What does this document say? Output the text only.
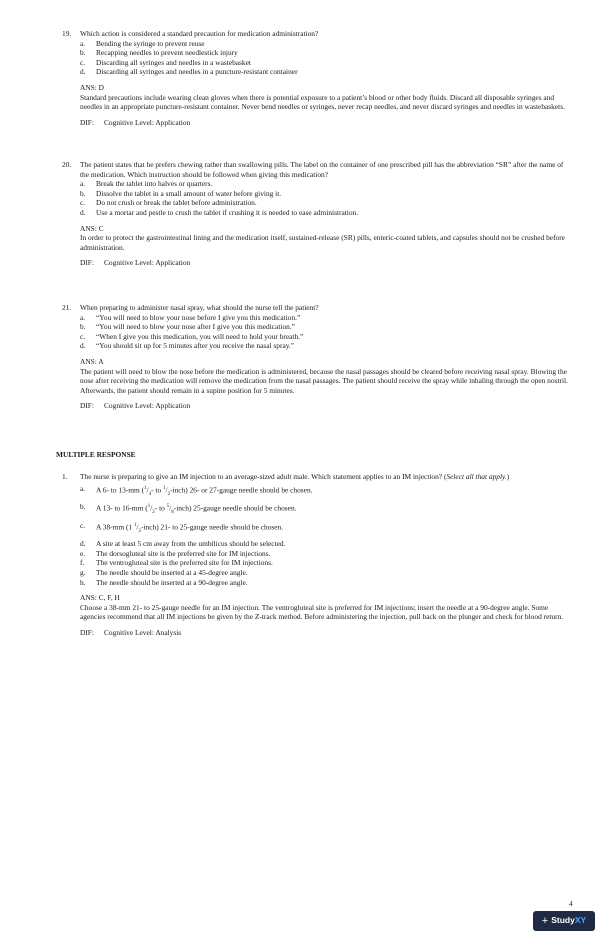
19. Which action is considered a standard precaution for medication administration?
a. Bending the syringe to prevent reuse
b. Recapping needles to prevent needlestick injury
c. Discarding all syringes and needles in a wastebasket
d. Discarding all syringes and needles in a puncture-resistant container
ANS: D
Standard precautions include wearing clean gloves when there is potential exposure to a patient’s blood or other body fluids. Discard all disposable syringes and needles in an appropriate puncture-resistant container. Never bend needles or syringes, never recap needles, and never discard syringes and needles in wastebaskets.
DIF: Cognitive Level: Application
20. The patient states that he prefers chewing rather than swallowing pills. The label on the container of one prescribed pill has the abbreviation “SR” after the name of the medication. Which instruction should be followed when giving this medication?
a. Break the tablet into halves or quarters.
b. Dissolve the tablet in a small amount of water before giving it.
c. Do not crush or break the tablet before administration.
d. Use a mortar and pestle to crush the tablet if crushing it is needed to ease administration.
ANS: C
In order to protect the gastrointestinal lining and the medication itself, sustained-release (SR) pills, enteric-coated tablets, and capsules should not be crushed before administration.
DIF: Cognitive Level: Application
21. When preparing to administer nasal spray, what should the nurse tell the patient?
a. “You will need to blow your nose before I give you this medication.”
b. “You will need to blow your nose after I give you this medication.”
c. “When I give you this medication, you will need to hold your breath.”
d. “You should sit up for 5 minutes after you receive the nasal spray.”
ANS: A
The patient will need to blow the nose before the medication is administered, because the nasal passages should be cleared before receiving nasal spray. Blowing the nose after receiving the medication will remove the medication from the nasal passages. The patient should receive the spray while inhaling through the open nostril. Afterwards, the patient should remain in a supine position for 5 minutes.
DIF: Cognitive Level: Application
MULTIPLE RESPONSE
1. The nurse is preparing to give an IM injection to an average-sized adult male. Which statement applies to an IM injection? (Select all that apply.)
a. A 6- to 13-mm ($^1/_4-$ to $^1/_2-inch$) 26- or 27-gauge needle should be chosen.
b. A 13- to 16-mm ($^1/_2-$ to $^5/_8-inch$) 25-gauge needle should be chosen.
c. A 38-mm (1 $^1/_2-inch$) 21- to 25-gauge needle should be chosen.
d. A site at least 5 cm away from the umbilicus should be selected.
e. The dorsogluteal site is the preferred site for IM injections.
f. The ventrogluteal site is the preferred site for IM injections.
g. The needle should be inserted at a 45-degree angle.
h. The needle should be inserted at a 90-degree angle.
ANS: C, F, H
Choose a 38-mm 21- to 25-gauge needle for an IM injection. The ventrogluteal site is preferred for IM injections; insert the needle at a 90-degree angle. Some agencies recommend that all IM injections be given by the Z-track method. Before administering the injection, pull back on the plunger and check for blood return.
DIF: Cognitive Level: Analysis
4
+ StudyXY
